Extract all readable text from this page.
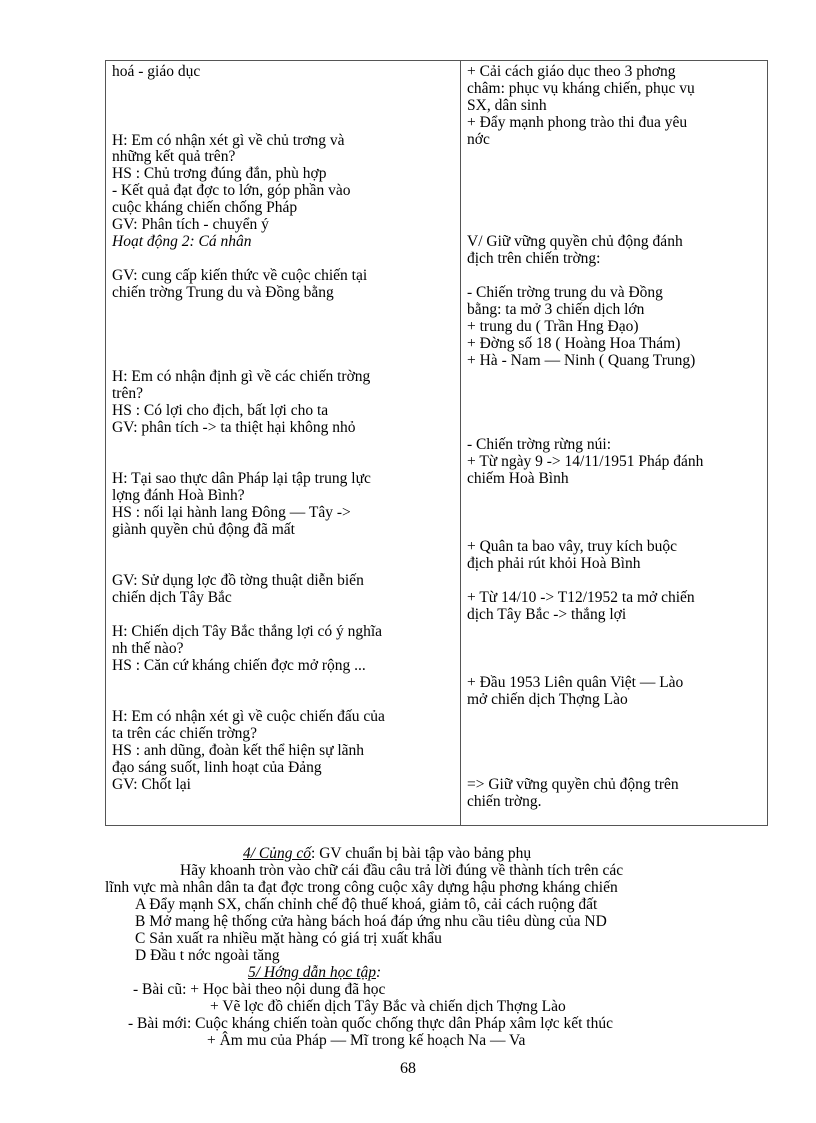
hoá - giáo dục
H: Em có nhận xét gì về chủ trơng và
những kết quả trên?
HS : Chủ trơng đúng đắn, phù hợp
- Kết quả đạt đợc to lớn, góp phần vào
cuộc kháng chiến chống Pháp
GV: Phân tích - chuyển ý
Hoạt động 2: Cá nhân
GV: cung cấp kiến thức về cuộc chiến tại
chiến trờng Trung du và Đồng bằng
H: Em có nhận định gì về các chiến trờng
trên?
HS : Có lợi cho địch, bất lợi cho ta
GV: phân tích -> ta thiệt hại không nhỏ
H: Tại sao thực dân Pháp lại tập trung lực
lợng đánh Hoà Bình?
HS : nối lại hành lang Đông — Tây ->
giành quyền chủ động đã mất
GV: Sử dụng lợc đồ tờng thuật diễn biến
chiến dịch Tây Bắc
H: Chiến dịch Tây Bắc thắng lợi có ý nghĩa
nh thế nào?
HS : Căn cứ kháng chiến đợc mở rộng ...
H: Em có nhận xét gì về cuộc chiến đấu của
ta trên các chiến trờng?
HS : anh dũng, đoàn kết thể hiện sự lãnh
đạo sáng suốt, linh hoạt của Đảng
GV: Chốt lại
+ Cải cách giáo dục theo 3 phơng
châm: phục vụ kháng chiến, phục vụ
SX, dân sinh
+ Đẩy mạnh phong trào thi đua yêu
nớc
V/ Giữ vững quyền chủ động đánh
địch trên chiến trờng:
- Chiến trờng trung du và Đồng
bằng: ta mở 3 chiến dịch lớn
+ trung du ( Trần Hng Đạo)
+ Đờng số 18 ( Hoàng Hoa Thám)
+ Hà - Nam — Ninh ( Quang Trung)
- Chiến trờng rừng núi:
+ Từ ngày 9 -> 14/11/1951 Pháp đánh
chiếm Hoà Bình
+ Quân ta bao vây, truy kích buộc
địch phải rút khỏi Hoà Bình
+ Từ 14/10 -> T12/1952 ta mở chiến
dịch Tây Bắc -> thắng lợi
+ Đầu 1953 Liên quân Việt — Lào
mở chiến dịch Thợng Lào
=> Giữ vững quyền chủ động trên
chiến trờng.
4/ Củng cố: GV chuẩn bị bài tập vào bảng phụ
Hãy khoanh tròn vào chữ cái đầu câu trả lời đúng về thành tích trên các
lĩnh vực mà nhân dân ta đạt đợc trong công cuộc xây dựng hậu phơng kháng chiến
A Đẩy mạnh SX, chấn chỉnh chế độ thuế khoá, giảm tô, cải cách ruộng đất
B Mở mang hệ thống cửa hàng bách hoá đáp ứng nhu cầu tiêu dùng của ND
C Sản xuất ra nhiều mặt hàng có giá trị xuất khẩu
D Đầu t nớc ngoài tăng
5/ Hớng dẫn học tập:
- Bài cũ: + Học bài theo nội dung đã học
+ Vẽ lợc đồ chiến dịch Tây Bắc và chiến dịch Thợng Lào
- Bài mới: Cuộc kháng chiến toàn quốc chống thực dân Pháp xâm lợc kết thúc
+ Âm mu của Pháp — Mĩ trong kế hoạch Na — Va
68
